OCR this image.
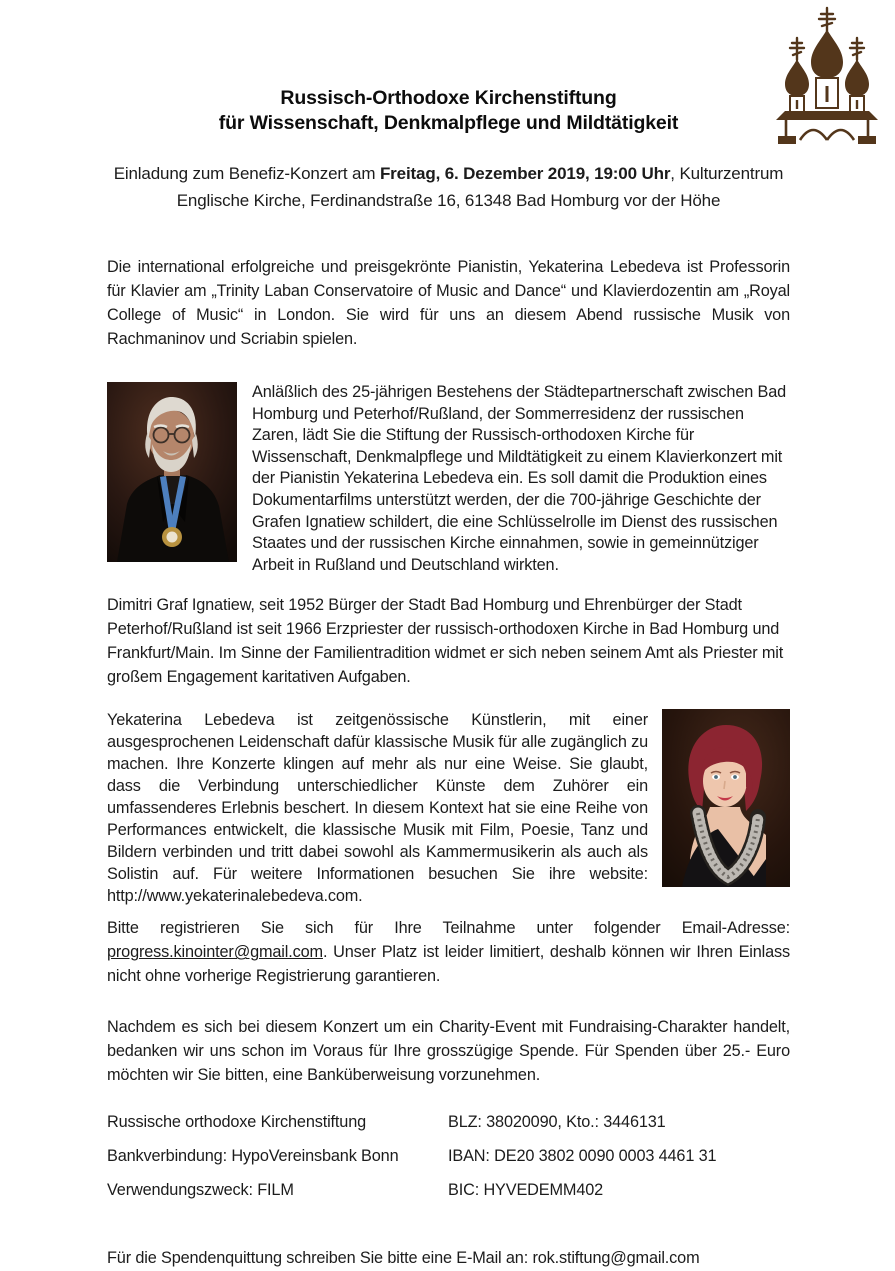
Russisch-Orthodoxe Kirchenstiftung
für Wissenschaft, Denkmalpflege und Mildtätigkeit

Einladung zum Benefiz-Konzert am Freitag, 6. Dezember 2019, 19:00 Uhr, Kulturzentrum Englische Kirche, Ferdinandstraße 16, 61348 Bad Homburg vor der Höhe

Die international erfolgreiche und preisgekrönte Pianistin, Yekaterina Lebedeva ist Professorin für Klavier am „Trinity Laban Conservatoire of Music and Dance“ und Klavierdozentin am „Royal College of Music“ in London. Sie wird für uns an diesem Abend russische Musik von Rachmaninov und Scriabin spielen.

Anläßlich des 25-jährigen Bestehens der Städtepartnerschaft zwischen Bad Homburg und Peterhof/Rußland, der Sommerresidenz der russischen Zaren, lädt Sie die Stiftung der Russisch-orthodoxen Kirche für Wissenschaft, Denkmalpflege und Mildtätigkeit zu einem Klavierkonzert mit der Pianistin Yekaterina Lebedeva ein. Es soll damit die Produktion eines Dokumentarfilms unterstützt werden, der die 700-jährige Geschichte der Grafen Ignatiew schildert, die eine Schlüsselrolle im Dienst des russischen Staates und der russischen Kirche einnahmen, sowie in gemeinnütziger Arbeit in Rußland und Deutschland wirkten.

Dimitri Graf Ignatiew, seit 1952 Bürger der Stadt Bad Homburg und Ehrenbürger der Stadt Peterhof/Rußland ist seit 1966 Erzpriester der russisch-orthodoxen Kirche in Bad Homburg und Frankfurt/Main. Im Sinne der Familientradition widmet er sich neben seinem Amt als Priester mit großem Engagement karitativen Aufgaben.

Yekaterina Lebedeva ist zeitgenössische Künstlerin, mit einer ausgesprochenen Leidenschaft dafür klassische Musik für alle zugänglich zu machen. Ihre Konzerte klingen auf mehr als nur eine Weise. Sie glaubt, dass die Verbindung unterschiedlicher Künste dem Zuhörer ein umfassenderes Erlebnis beschert. In diesem Kontext hat sie eine Reihe von Performances entwickelt, die klassische Musik mit Film, Poesie, Tanz und Bildern verbinden und tritt dabei sowohl als Kammermusikerin als auch als Solistin auf. Für weitere Informationen besuchen Sie ihre website: http://www.yekaterinalebedeva.com.

Bitte registrieren Sie sich für Ihre Teilnahme unter folgender Email-Adresse: progress.kinointer@gmail.com. Unser Platz ist leider limitiert, deshalb können wir Ihren Einlass nicht ohne vorherige Registrierung garantieren.

Nachdem es sich bei diesem Konzert um ein Charity-Event mit Fundraising-Charakter handelt, bedanken wir uns schon im Voraus für Ihre grosszügige Spende. Für Spenden über 25.- Euro möchten wir Sie bitten, eine Banküberweisung vorzunehmen.

Russische orthodoxe Kirchenstiftung	BLZ: 38020090, Kto.: 3446131
Bankverbindung: HypoVereinsbank Bonn	IBAN: DE20 3802 0090 0003 4461 31
Verwendungszweck: FILM	BIC: HYVEDEMM402

Für die Spendenquittung schreiben Sie bitte eine E-Mail an: rok.stiftung@gmail.com
